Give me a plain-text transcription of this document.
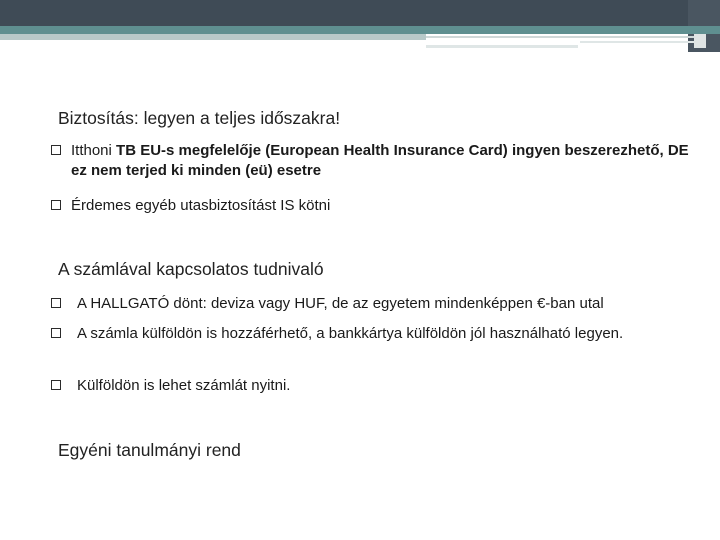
Biztosítás: legyen a teljes időszakra!
Itthoni TB EU-s megfelelője (European Health Insurance Card) ingyen beszerezhető, DE ez nem terjed ki minden (eü) esetre
Érdemes egyéb utasbiztosítást IS kötni
A számlával kapcsolatos tudnivaló
A HALLGATÓ dönt: deviza vagy HUF, de az egyetem mindenképpen €-ban utal
A számla külföldön is hozzáférhető, a bankkártya külföldön jól használható legyen.
Külföldön is lehet számlát nyitni.
Egyéni tanulmányi rend
